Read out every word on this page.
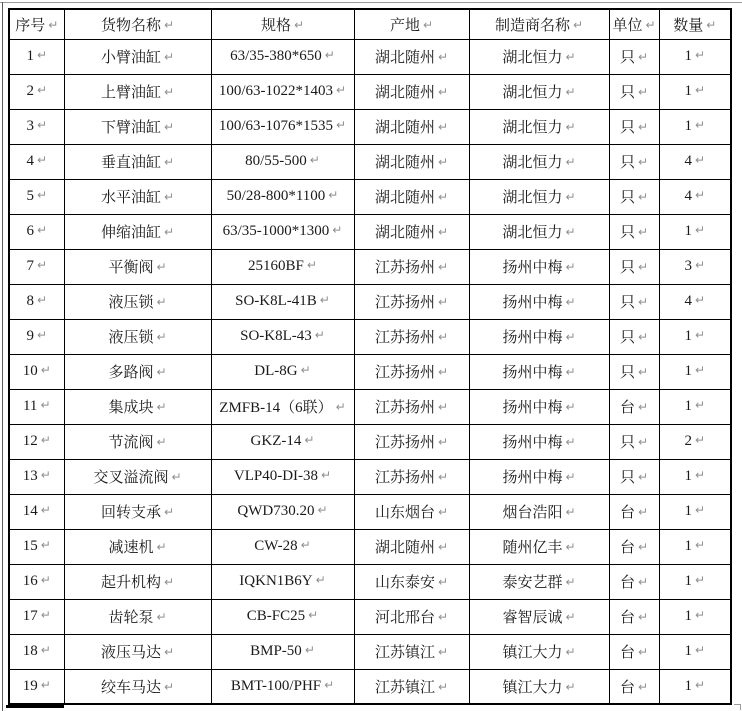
序号 ↵	货物名称 ↵	规格 ↵	产地 ↵	制造商名称 ↵	单位 ↵	数量 ↵
1 ↵	小臂油缸 ↵	63/35-380*650 ↵	湖北随州 ↵	湖北恒力 ↵	只 ↵	1 ↵
2 ↵	上臂油缸 ↵	100/63-1022*1403 ↵	湖北随州 ↵	湖北恒力 ↵	只 ↵	1 ↵
3 ↵	下臂油缸 ↵	100/63-1076*1535 ↵	湖北随州 ↵	湖北恒力 ↵	只 ↵	1 ↵
4 ↵	垂直油缸 ↵	80/55-500 ↵	湖北随州 ↵	湖北恒力 ↵	只 ↵	4 ↵
5 ↵	水平油缸 ↵	50/28-800*1100 ↵	湖北随州 ↵	湖北恒力 ↵	只 ↵	4 ↵
6 ↵	伸缩油缸 ↵	63/35-1000*1300 ↵	湖北随州 ↵	湖北恒力 ↵	只 ↵	1 ↵
7 ↵	平衡阀 ↵	25160BF ↵	江苏扬州 ↵	扬州中梅 ↵	只 ↵	3 ↵
8 ↵	液压锁 ↵	SO-K8L-41B ↵	江苏扬州 ↵	扬州中梅 ↵	只 ↵	4 ↵
9 ↵	液压锁 ↵	SO-K8L-43 ↵	江苏扬州 ↵	扬州中梅 ↵	只 ↵	1 ↵
10 ↵	多路阀 ↵	DL-8G ↵	江苏扬州 ↵	扬州中梅 ↵	只 ↵	1 ↵
11 ↵	集成块 ↵	ZMFB-14（6联） ↵	江苏扬州 ↵	扬州中梅 ↵	台 ↵	1 ↵
12 ↵	节流阀 ↵	GKZ-14 ↵	江苏扬州 ↵	扬州中梅 ↵	只 ↵	2 ↵
13 ↵	交叉溢流阀 ↵	VLP40-DI-38 ↵	江苏扬州 ↵	扬州中梅 ↵	只 ↵	1 ↵
14 ↵	回转支承 ↵	QWD730.20 ↵	山东烟台 ↵	烟台浩阳 ↵	台 ↵	1 ↵
15 ↵	减速机 ↵	CW-28 ↵	湖北随州 ↵	随州亿丰 ↵	台 ↵	1 ↵
16 ↵	起升机构 ↵	IQKN1B6Y ↵	山东泰安 ↵	泰安艺群 ↵	台 ↵	1 ↵
17 ↵	齿轮泵 ↵	CB-FC25 ↵	河北邢台 ↵	睿智辰诚 ↵	台 ↵	1 ↵
18 ↵	液压马达 ↵	BMP-50 ↵	江苏镇江 ↵	镇江大力 ↵	台 ↵	1 ↵
19 ↵	绞车马达 ↵	BMT-100/PHF ↵	江苏镇江 ↵	镇江大力 ↵	台 ↵	1 ↵
